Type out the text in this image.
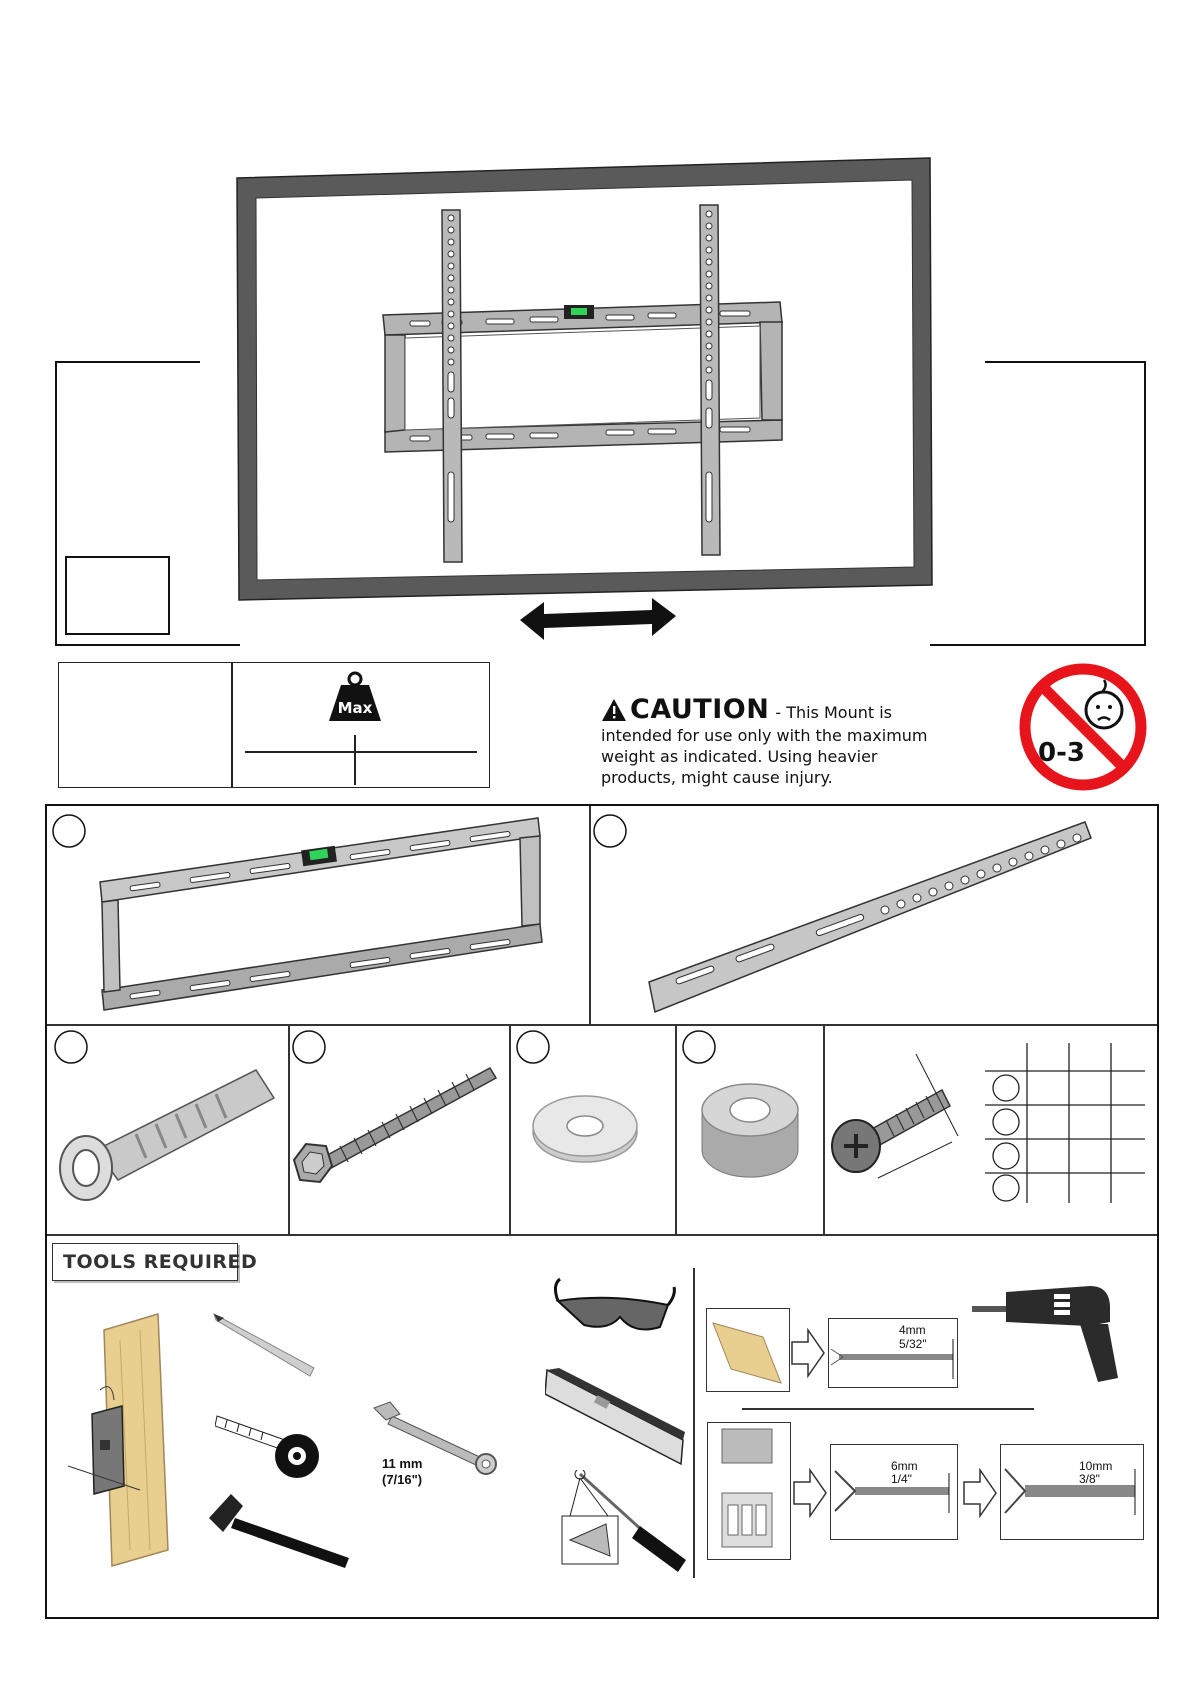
Max	CAUTION - This Mount is
intended for use only with the maximum
weight as indicated. Using heavier
products, might cause injury.
0-3
TOOLS REQUIRED
11 mm
(7/16")
4mm
5/32"
6mm
1/4"
10mm
3/8"
